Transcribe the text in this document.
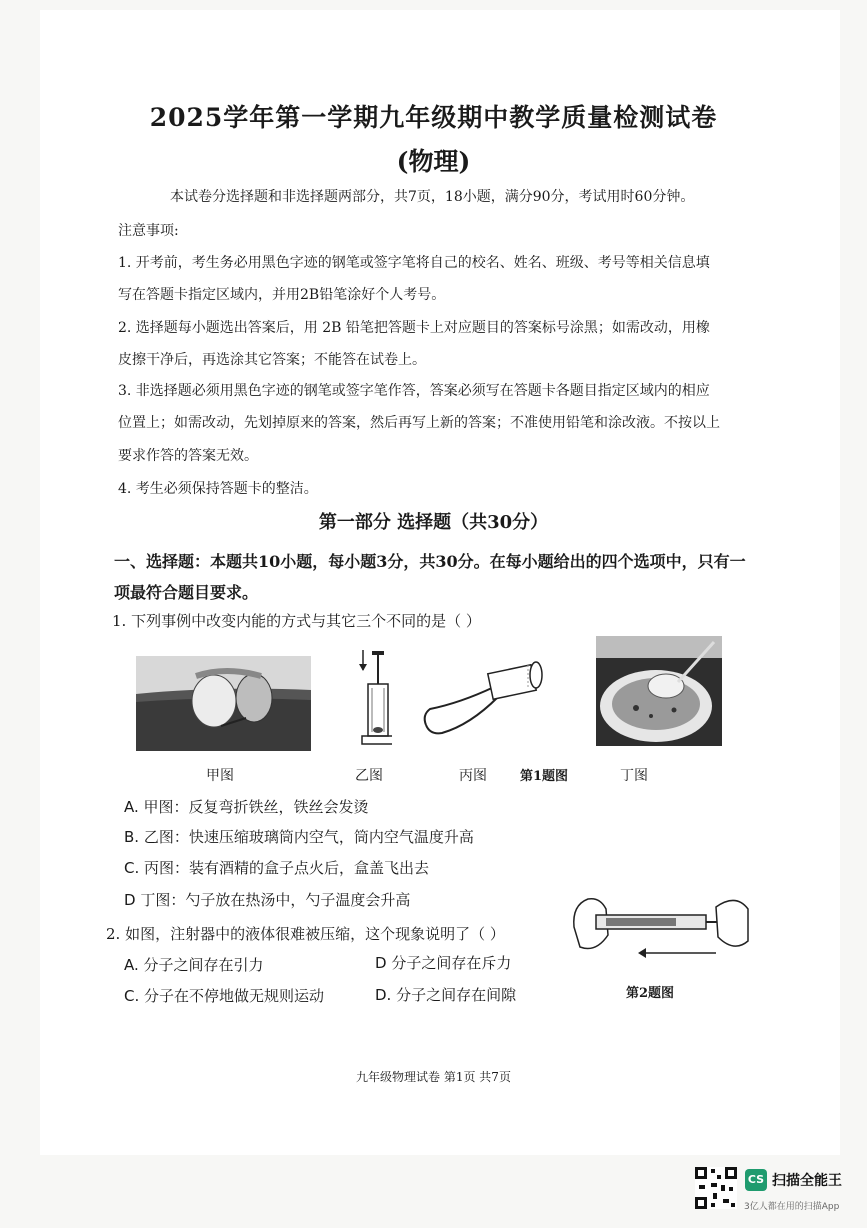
2025学年第一学期九年级期中教学质量检测试卷
(物理)
本试卷分选择题和非选择题两部分，共7页，18小题，满分90分，考试用时60分钟。
注意事项:
1. 开考前，考生务必用黑色字迹的钢笔或签字笔将自己的校名、姓名、班级、考号等相关信息填
写在答题卡指定区域内，并用2B铅笔涂好个人考号。
2. 选择题每小题选出答案后，用 2B 铅笔把答题卡上对应题目的答案标号涂黑；如需改动，用橡
皮擦干净后，再选涂其它答案；不能答在试卷上。
3. 非选择题必须用黑色字迹的钢笔或签字笔作答，答案必须写在答题卡各题目指定区域内的相应
位置上；如需改动，先划掉原来的答案，然后再写上新的答案；不准使用铅笔和涂改液。不按以上
要求作答的答案无效。
4. 考生必须保持答题卡的整洁。
第一部分 选择题（共30分）
一、选择题：本题共10小题，每小题3分，共30分。在每小题给出的四个选项中，只有一
项最符合题目要求。
1. 下列事例中改变内能的方式与其它三个不同的是（ ）
甲图	乙图	丙图	第1题图	丁图
A. 甲图：反复弯折铁丝，铁丝会发烫
B. 乙图：快速压缩玻璃筒内空气，筒内空气温度升高
C. 丙图：装有酒精的盒子点火后，盒盖飞出去
D 丁图：勺子放在热汤中，勺子温度会升高
2. 如图，注射器中的液体很难被压缩，这个现象说明了（ ）
A. 分子之间存在引力	D 分子之间存在斥力
C. 分子在不停地做无规则运动	D. 分子之间存在间隙	第2题图
九年级物理试卷 第1页 共7页
CS 扫描全能王
3亿人都在用的扫描App
